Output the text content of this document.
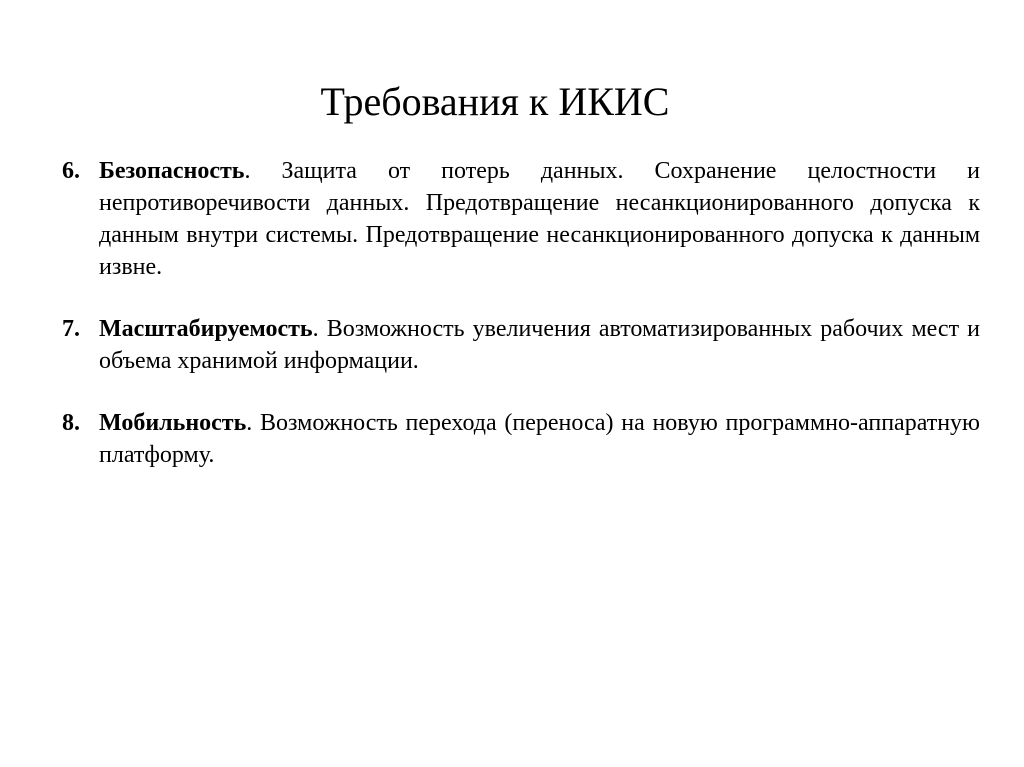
Требования к ИКИС
6. Безопасность. Защита от потерь данных. Сохранение целостности и непротиворечивости данных. Предотвращение несанкционированного допуска к данным внутри системы. Предотвращение несанкционированного допуска к данным извне.
7. Масштабируемость. Возможность увеличения автоматизированных рабочих мест и объема хранимой информации.
8. Мобильность. Возможность перехода (переноса) на новую программно-аппаратную платформу.
